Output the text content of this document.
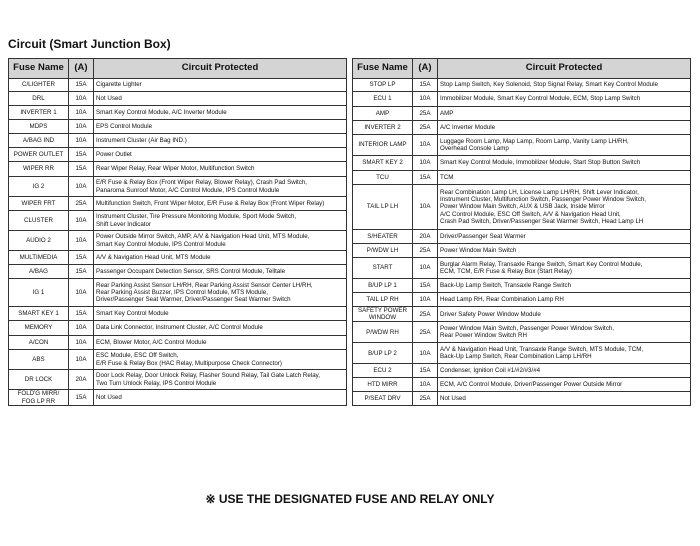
Circuit (Smart Junction Box)
Fuse Name	(A)	Circuit Protected
C/LIGHTER	15A	Cigarette Lighter
DRL	10A	Not Used
INVERTER 1	10A	Smart Key Control Module, A/C Inverter Module
MDPS	10A	EPS Control Module
A/BAG IND	10A	Instrument Cluster (Air Bag IND.)
POWER OUTLET	15A	Power Outlet
WIPER RR	15A	Rear Wiper Relay, Rear Wiper Motor, Multifunction Switch
IG 2	10A	E/R Fuse & Relay Box (Front Wiper Relay, Blower Relay), Crash Pad Switch,
Panaroma Sunroof Motor, A/C Control Module, IPS Control Module
WIPER FRT	25A	Multifunction Switch, Front Wiper Motor, E/R Fuse & Relay Box (Front Wiper Relay)
CLUSTER	10A	Instrument Cluster, Tire Pressure Monitoring Module, Sport Mode Switch,
Shift Lever Indicator
AUDIO 2	10A	Power Outside Mirror Switch, AMP, A/V & Navigation Head Unit, MTS Module,
Smart Key Control Module, IPS Control Module
MULTIMEDIA	15A	A/V & Navigation Head Unit, MTS Module
A/BAG	15A	Passenger Occupant Detection Sensor, SRS Control Module, Telltale
IG 1	10A	Rear Parking Assist Sensor LH/RH, Rear Parking Assist Sensor Center LH/RH,
Rear Parking Assist Buzzer, IPS Control Module, MTS Module,
Driver/Passenger Seat Warmer, Driver/Passenger Seat Warmer Switch
SMART KEY 1	15A	Smart Key Control Module
MEMORY	10A	Data Link Connector, Instrument Cluster, A/C Control Module
A/CON	10A	ECM, Blower Motor, A/C Control Module
ABS	10A	ESC Module, ESC Off Switch,
E/R Fuse & Relay Box (HAC Relay, Multipurpose Check Connector)
DR LOCK	20A	Door Lock Relay, Door Unlock Relay, Flasher Sound Relay, Tail Gate Latch Relay,
Two Turn Unlock Relay, IPS Control Module
FOLD'G MIRR/
FOG LP RR	15A	Not Used
Fuse Name	(A)	Circuit Protected
STOP LP	15A	Stop Lamp Switch, Key Solenoid, Stop Signal Relay, Smart Key Control Module
ECU 1	10A	Immobilizer Module, Smart Key Control Module, ECM, Stop Lamp Switch
AMP	25A	AMP
INVERTER 2	25A	A/C Inverter Module
INTERIOR LAMP	10A	Luggage Room Lamp, Map Lamp, Room Lamp, Vanity Lamp LH/RH,
Overhead Console Lamp
SMART KEY 2	10A	Smart Key Control Module, Immobilizer Module, Start Stop Button Switch
TCU	15A	TCM
TAIL LP LH	10A	Rear Combination Lamp LH, License Lamp LH/RH, Shift Lever Indicator,
Instrument Cluster, Multifunction Switch, Passenger Power Window Switch,
Power Window Main Switch, AUX & USB Jack, Inside Mirror
A/C Control Module, ESC Off Switch, A/V & Navigation Head Unit,
Crash Pad Switch, Driver/Passenger Seat Warmer Switch, Head Lamp LH
S/HEATER	20A	Driver/Passenger Seat Warmer
P/WDW LH	25A	Power Window Main Switch
START	10A	Burglar Alarm Relay, Transaxle Range Switch, Smart Key Control Module,
ECM, TCM, E/R Fuse & Relay Box (Start Relay)
B/UP LP 1	15A	Back-Up Lamp Switch, Transaxle Range Switch
TAIL LP RH	10A	Head Lamp RH, Rear Combination Lamp RH
SAFETY POWER
WINDOW	25A	Driver Safety Power Window Module
P/WDW RH	25A	Power Window Main Switch, Passenger Power Window Switch,
Rear Power Window Switch RH
B/UP LP 2	10A	A/V & Navigation Head Unit, Transaxle Range Switch, MTS Module, TCM,
Back-Up Lamp Switch, Rear Combination Lamp LH/RH
ECU 2	15A	Condenser, Ignition Coil #1/#2/#3/#4
HTD MIRR	10A	ECM, A/C Control Module, Driver/Passenger Power Outside Mirror
P/SEAT DRV	25A	Not Used
※ USE THE DESIGNATED FUSE AND RELAY ONLY
